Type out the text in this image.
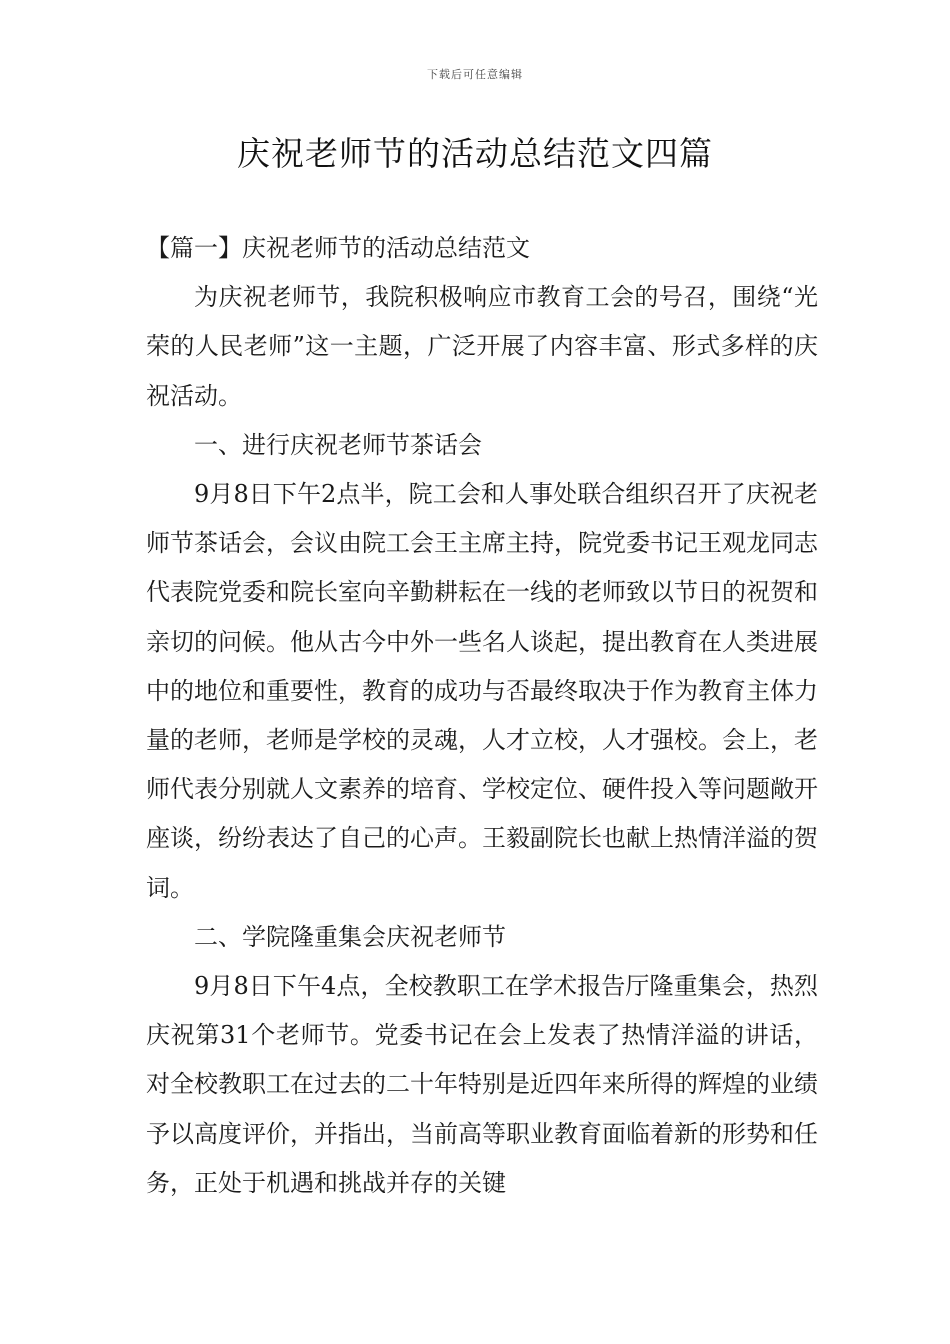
下载后可任意编辑
庆祝老师节的活动总结范文四篇

【篇一】庆祝老师节的活动总结范文

为庆祝老师节，我院积极响应市教育工会的号召，围绕“光荣的人民老师”这一主题，广泛开展了内容丰富、形式多样的庆祝活动。

一、进行庆祝老师节茶话会

9月8日下午2点半，院工会和人事处联合组织召开了庆祝老师节茶话会，会议由院工会王主席主持，院党委书记王观龙同志代表院党委和院长室向辛勤耕耘在一线的老师致以节日的祝贺和亲切的问候。他从古今中外一些名人谈起，提出教育在人类进展中的地位和重要性，教育的成功与否最终取决于作为教育主体力量的老师，老师是学校的灵魂，人才立校，人才强校。会上，老师代表分别就人文素养的培育、学校定位、硬件投入等问题敞开座谈，纷纷表达了自己的心声。王毅副院长也献上热情洋溢的贺词。

二、学院隆重集会庆祝老师节

9月8日下午4点，全校教职工在学术报告厅隆重集会，热烈庆祝第31个老师节。党委书记在会上发表了热情洋溢的讲话，对全校教职工在过去的二十年特别是近四年来所得的辉煌的业绩予以高度评价，并指出，当前高等职业教育面临着新的形势和任务，正处于机遇和挑战并存的关键
